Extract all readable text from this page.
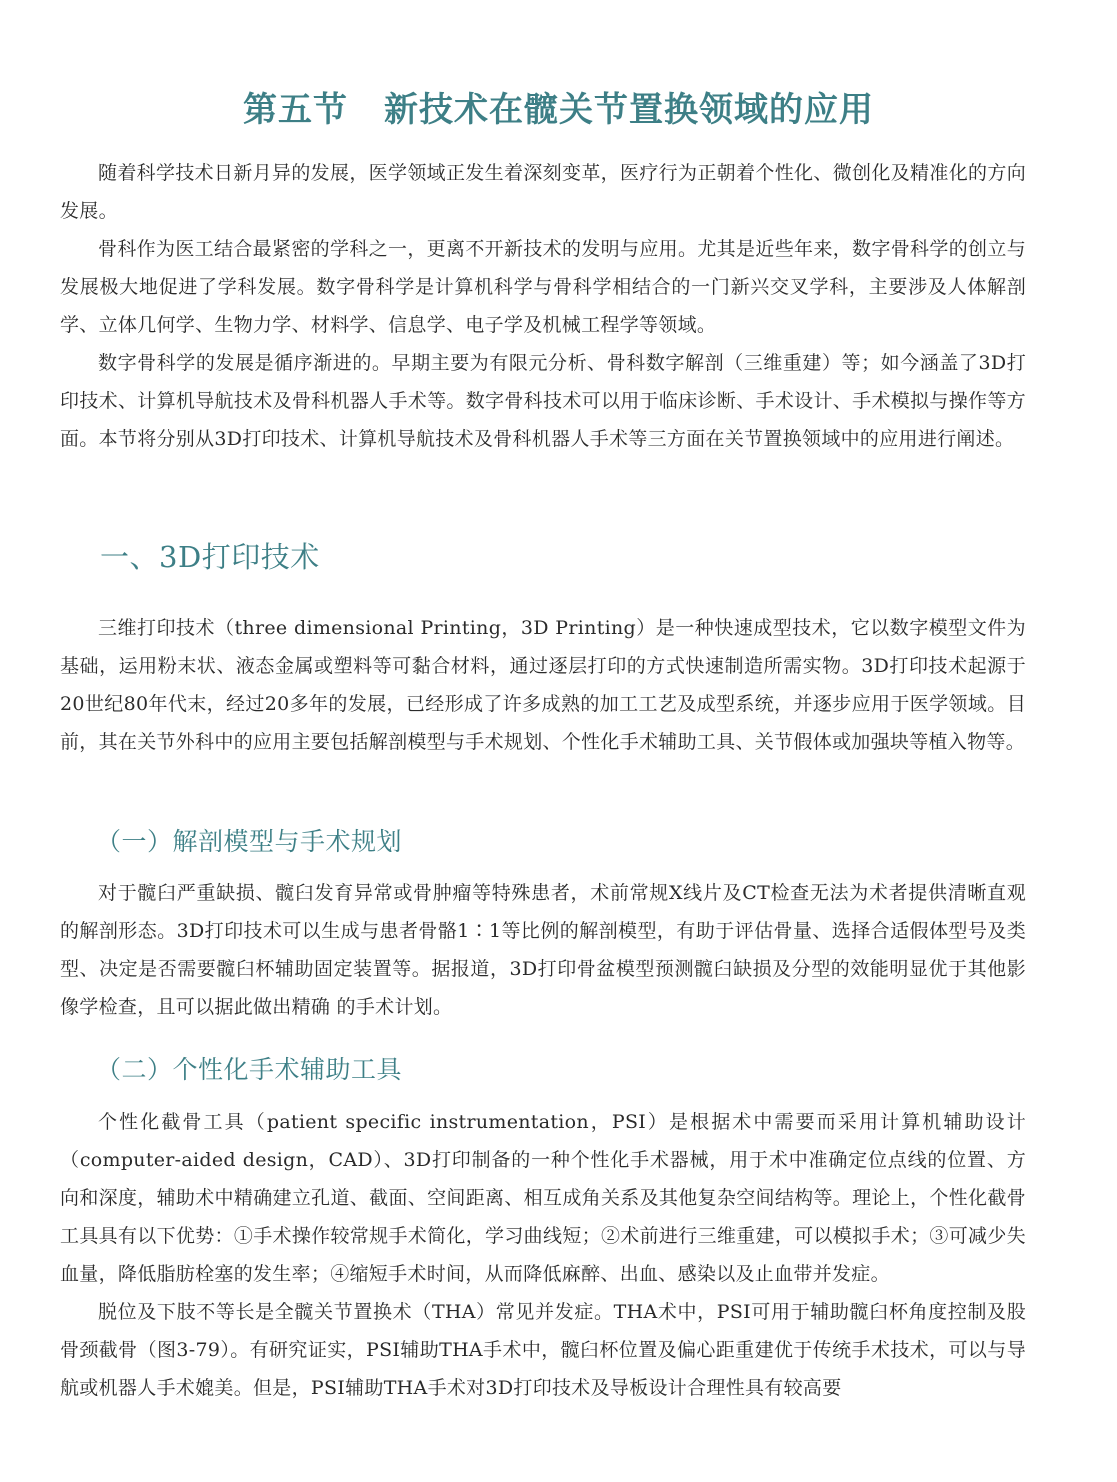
第五节 新技术在髋关节置换领域的应用

随着科学技术日新月异的发展，医学领域正发生着深刻变革，医疗行为正朝着个性化、微创化及精准化的方向发展。

骨科作为医工结合最紧密的学科之一，更离不开新技术的发明与应用。尤其是近些年来，数字骨科学的创立与发展极大地促进了学科发展。数字骨科学是计算机科学与骨科学相结合的一门新兴交叉学科，主要涉及人体解剖学、立体几何学、生物力学、材料学、信息学、电子学及机械工程学等领域。

数字骨科学的发展是循序渐进的。早期主要为有限元分析、骨科数字解剖（三维重建）等；如今涵盖了3D打印技术、计算机导航技术及骨科机器人手术等。数字骨科技术可以用于临床诊断、手术设计、手术模拟与操作等方面。本节将分别从3D打印技术、计算机导航技术及骨科机器人手术等三方面在关节置换领域中的应用进行阐述。

一、3D打印技术

三维打印技术（three dimensional Printing，3D Printing）是一种快速成型技术，它以数字模型文件为基础，运用粉末状、液态金属或塑料等可黏合材料，通过逐层打印的方式快速制造所需实物。3D打印技术起源于20世纪80年代末，经过20多年的发展，已经形成了许多成熟的加工工艺及成型系统，并逐步应用于医学领域。目前，其在关节外科中的应用主要包括解剖模型与手术规划、个性化手术辅助工具、关节假体或加强块等植入物等。

（一）解剖模型与手术规划

对于髋臼严重缺损、髋臼发育异常或骨肿瘤等特殊患者，术前常规X线片及CT检查无法为术者提供清晰直观的解剖形态。3D打印技术可以生成与患者骨骼1∶1等比例的解剖模型，有助于评估骨量、选择合适假体型号及类型、决定是否需要髋臼杯辅助固定装置等。据报道，3D打印骨盆模型预测髋臼缺损及分型的效能明显优于其他影像学检查，且可以据此做出精确 的手术计划。

（二）个性化手术辅助工具

个性化截骨工具（patient specific instrumentation，PSI）是根据术中需要而采用计算机辅助设计（computer-aided design，CAD）、3D打印制备的一种个性化手术器械，用于术中准确定位点线的位置、方向和深度，辅助术中精确建立孔道、截面、空间距离、相互成角关系及其他复杂空间结构等。理论上，个性化截骨工具具有以下优势：①手术操作较常规手术简化，学习曲线短；②术前进行三维重建，可以模拟手术；③可减少失血量，降低脂肪栓塞的发生率；④缩短手术时间，从而降低麻醉、出血、感染以及止血带并发症。

脱位及下肢不等长是全髋关节置换术（THA）常见并发症。THA术中，PSI可用于辅助髋臼杯角度控制及股骨颈截骨（图3-79）。有研究证实，PSI辅助THA手术中，髋臼杯位置及偏心距重建优于传统手术技术，可以与导航或机器人手术媲美。但是，PSI辅助THA手术对3D打印技术及导板设计合理性具有较高要
